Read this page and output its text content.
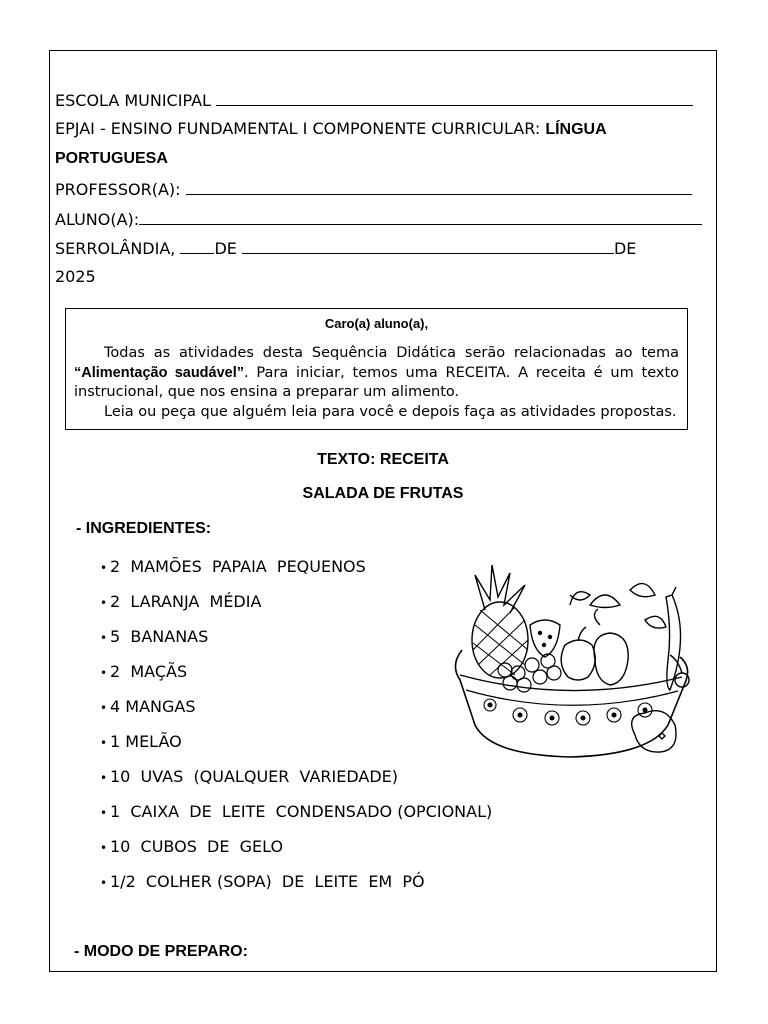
ESCOLA MUNICIPAL
EPJAI - ENSINO FUNDAMENTAL I COMPONENTE CURRICULAR: LÍNGUA
PORTUGUESA
PROFESSOR(A):
ALUNO(A):
SERROLÂNDIA, DE	DE
2025
Caro(a) aluno(a),

Todas as atividades desta Sequência Didática serão relacionadas ao tema “Alimentação saudável”. Para iniciar, temos uma RECEITA. A receita é um texto instrucional, que nos ensina a preparar um alimento.

Leia ou peça que alguém leia para você e depois faça as atividades propostas.

TEXTO: RECEITA
SALADA DE FRUTAS
- INGREDIENTES:
• 2  MAMÕES  PAPAIA  PEQUENOS
• 2  LARANJA  MÉDIA
• 5  BANANAS
• 2  MAÇÃS
• 4 MANGAS
• 1 MELÃO
• 10  UVAS  (QUALQUER  VARIEDADE)
• 1  CAIXA  DE  LEITE  CONDENSADO (OPCIONAL)
• 10  CUBOS  DE  GELO
• 1/2  COLHER (SOPA)  DE  LEITE  EM  PÓ
- MODO DE PREPARO:
